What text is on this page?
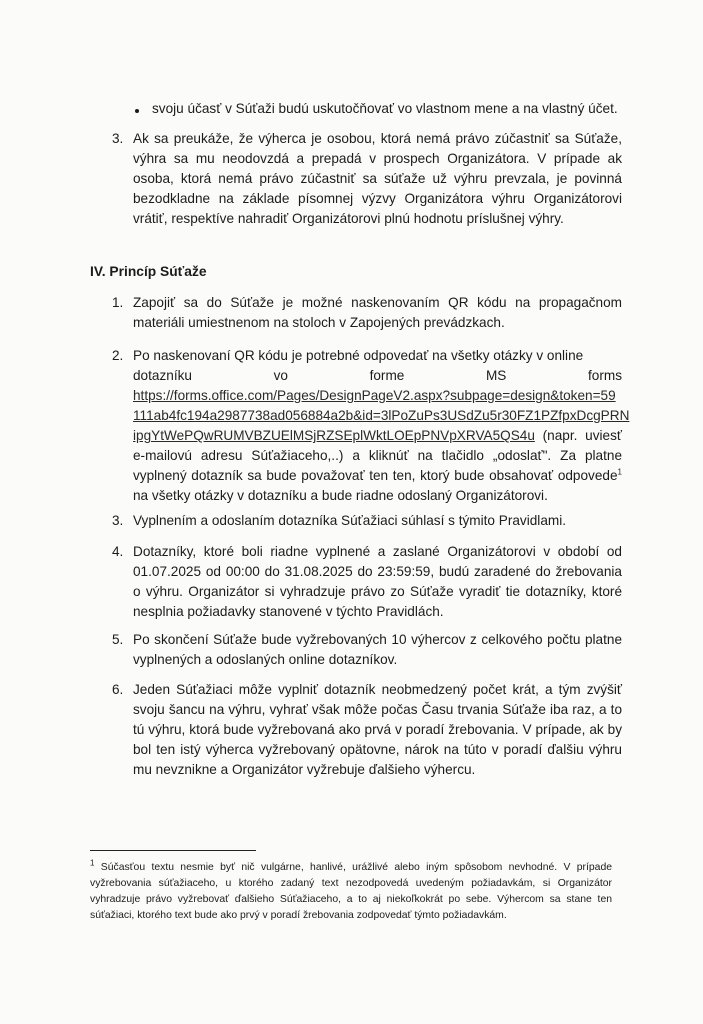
svoju účasť v Súťaži budú uskutočňovať vo vlastnom mene a na vlastný účet.

3. Ak sa preukáže, že výherca je osobou, ktorá nemá právo zúčastniť sa Súťaže, výhra sa mu neodovzdá a prepadá v prospech Organizátora. V prípade ak osoba, ktorá nemá právo zúčastniť sa súťaže už výhru prevzala, je povinná bezodkladne na základe písomnej výzvy Organizátora výhru Organizátorovi vrátiť, respektíve nahradiť Organizátorovi plnú hodnotu príslušnej výhry.

IV. Princíp Súťaže
1. Zapojiť sa do Súťaže je možné naskenovaním QR kódu na propagačnom materiáli umiestnenom na stoloch v Zapojených prevádzkach.

2. Po naskenovaní QR kódu je potrebné odpovedať na všetky otázky v online
dotazníku	vo	forme	MS	forms
https://forms.office.com/Pages/DesignPageV2.aspx?subpage=design&token=59
111ab4fc194a2987738ad056884a2b&id=3lPoZuPs3USdZu5r30FZ1PZfpxDcgPRN
ipgYtWePQwRUMVBZUElMSjRZSEplWktLOEpPNVpXRVA5QS4u (napr. uviesť e-mailovú adresu Súťažiaceho,..) a kliknúť na tlačidlo „odoslať". Za platne vyplnený dotazník sa bude považovať ten ten, ktorý bude obsahovať odpovede$^1$ na všetky otázky v dotazníku a bude riadne odoslaný Organizátorovi.
3. Vyplnením a odoslaním dotazníka Súťažiaci súhlasí s týmito Pravidlami.

4. Dotazníky, ktoré boli riadne vyplnené a zaslané Organizátorovi v období od 01.07.2025 od 00:00 do 31.08.2025 do 23:59:59, budú zaradené do žrebovania o výhru. Organizátor si vyhradzuje právo zo Súťaže vyradiť tie dotazníky, ktoré nesplnia požiadavky stanovené v týchto Pravidlách.

5. Po skončení Súťaže bude vyžrebovaných 10 výhercov z celkového počtu platne vyplnených a odoslaných online dotazníkov.

6. Jeden Súťažiaci môže vyplniť dotazník neobmedzený počet krát, a tým zvýšiť svoju šancu na výhru, vyhrať však môže počas Času trvania Súťaže iba raz, a to tú výhru, ktorá bude vyžrebovaná ako prvá v poradí žrebovania. V prípade, ak by bol ten istý výherca vyžrebovaný opätovne, nárok na túto v poradí ďalšiu výhru mu nevznikne a Organizátor vyžrebuje ďalšieho výhercu.

$^1$ Súčasťou textu nesmie byť nič vulgárne, hanlivé, urážlivé alebo iným spôsobom nevhodné. V prípade vyžrebovania súťažiaceho, u ktorého zadaný text nezodpovedá uvedeným požiadavkám, si Organizátor vyhradzuje právo vyžrebovať ďalšieho Súťažiaceho, a to aj niekoľkokrát po sebe. Výhercom sa stane ten súťažiaci, ktorého text bude ako prvý v poradí žrebovania zodpovedať týmto požiadavkám.
